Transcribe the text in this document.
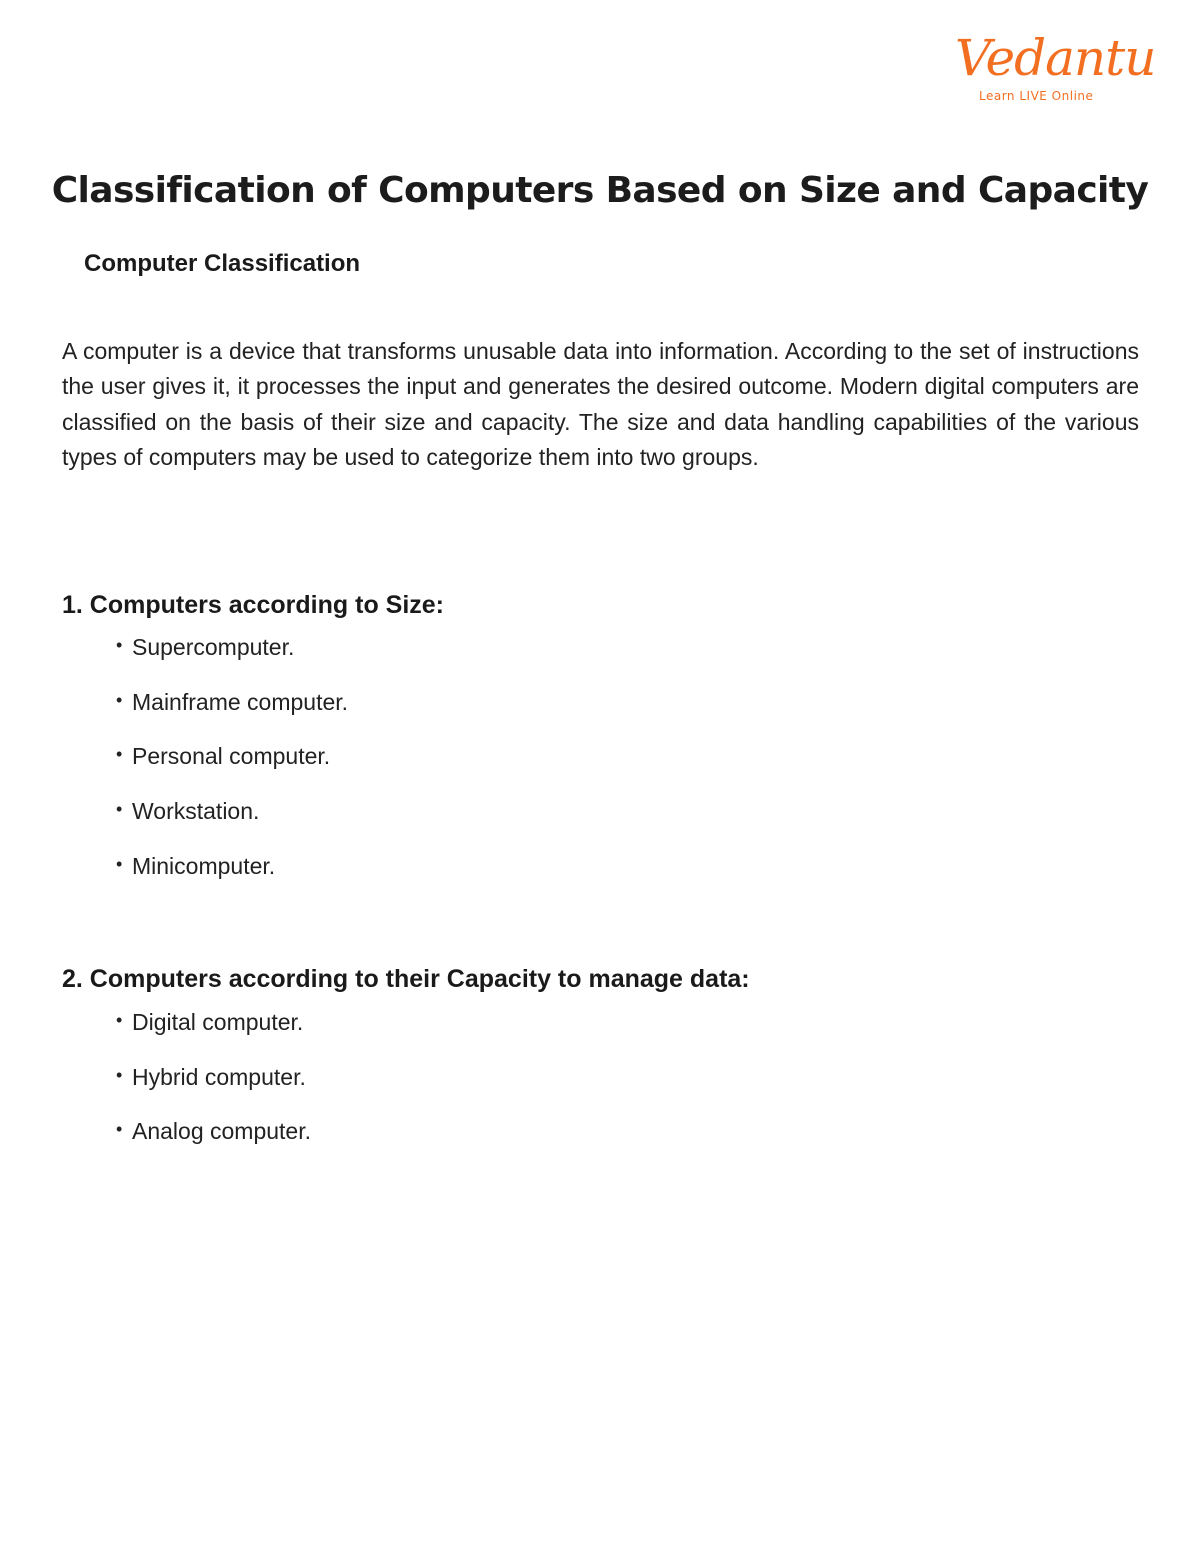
Vedantu
Learn LIVE Online
Classification of Computers Based on Size and Capacity
Computer Classification

A computer is a device that transforms unusable data into information. According to the set of instructions the user gives it, it processes the input and generates the desired outcome. Modern digital computers are classified on the basis of their size and capacity. The size and data handling capabilities of the various types of computers may be used to categorize them into two groups.

1. Computers according to Size:
• Supercomputer.
• Mainframe computer.
• Personal computer.
• Workstation.
• Minicomputer.
2. Computers according to their Capacity to manage data:
• Digital computer.
• Hybrid computer.
• Analog computer.
